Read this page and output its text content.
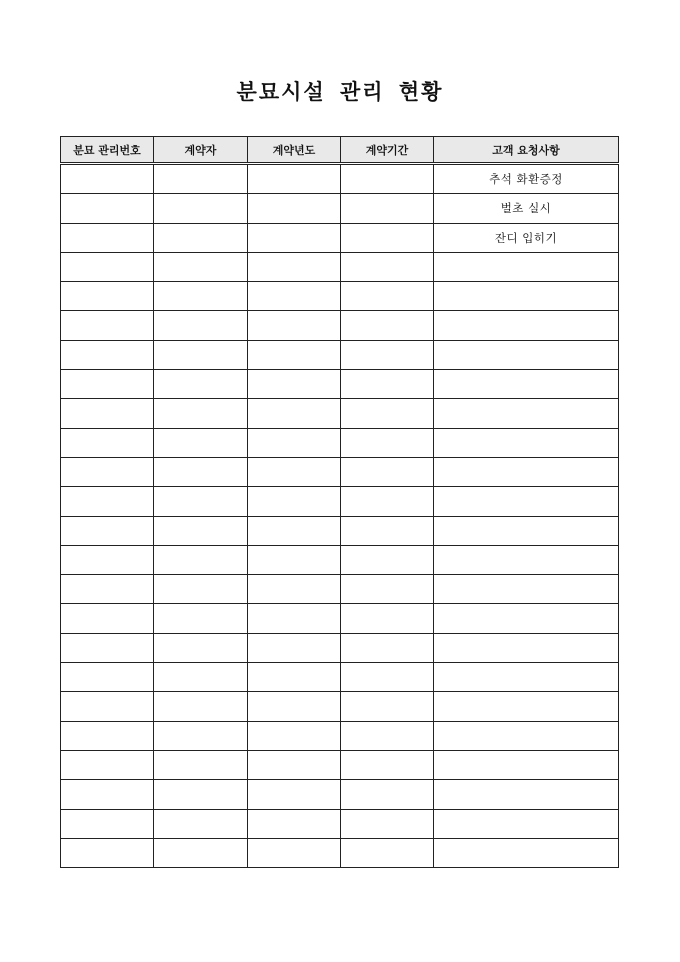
분묘시설 관리 현황
분묘 관리번호	계약자	계약년도	계약기간	고객 요청사항
				추석 화환증정
				벌초 실시
				잔디 입히기
